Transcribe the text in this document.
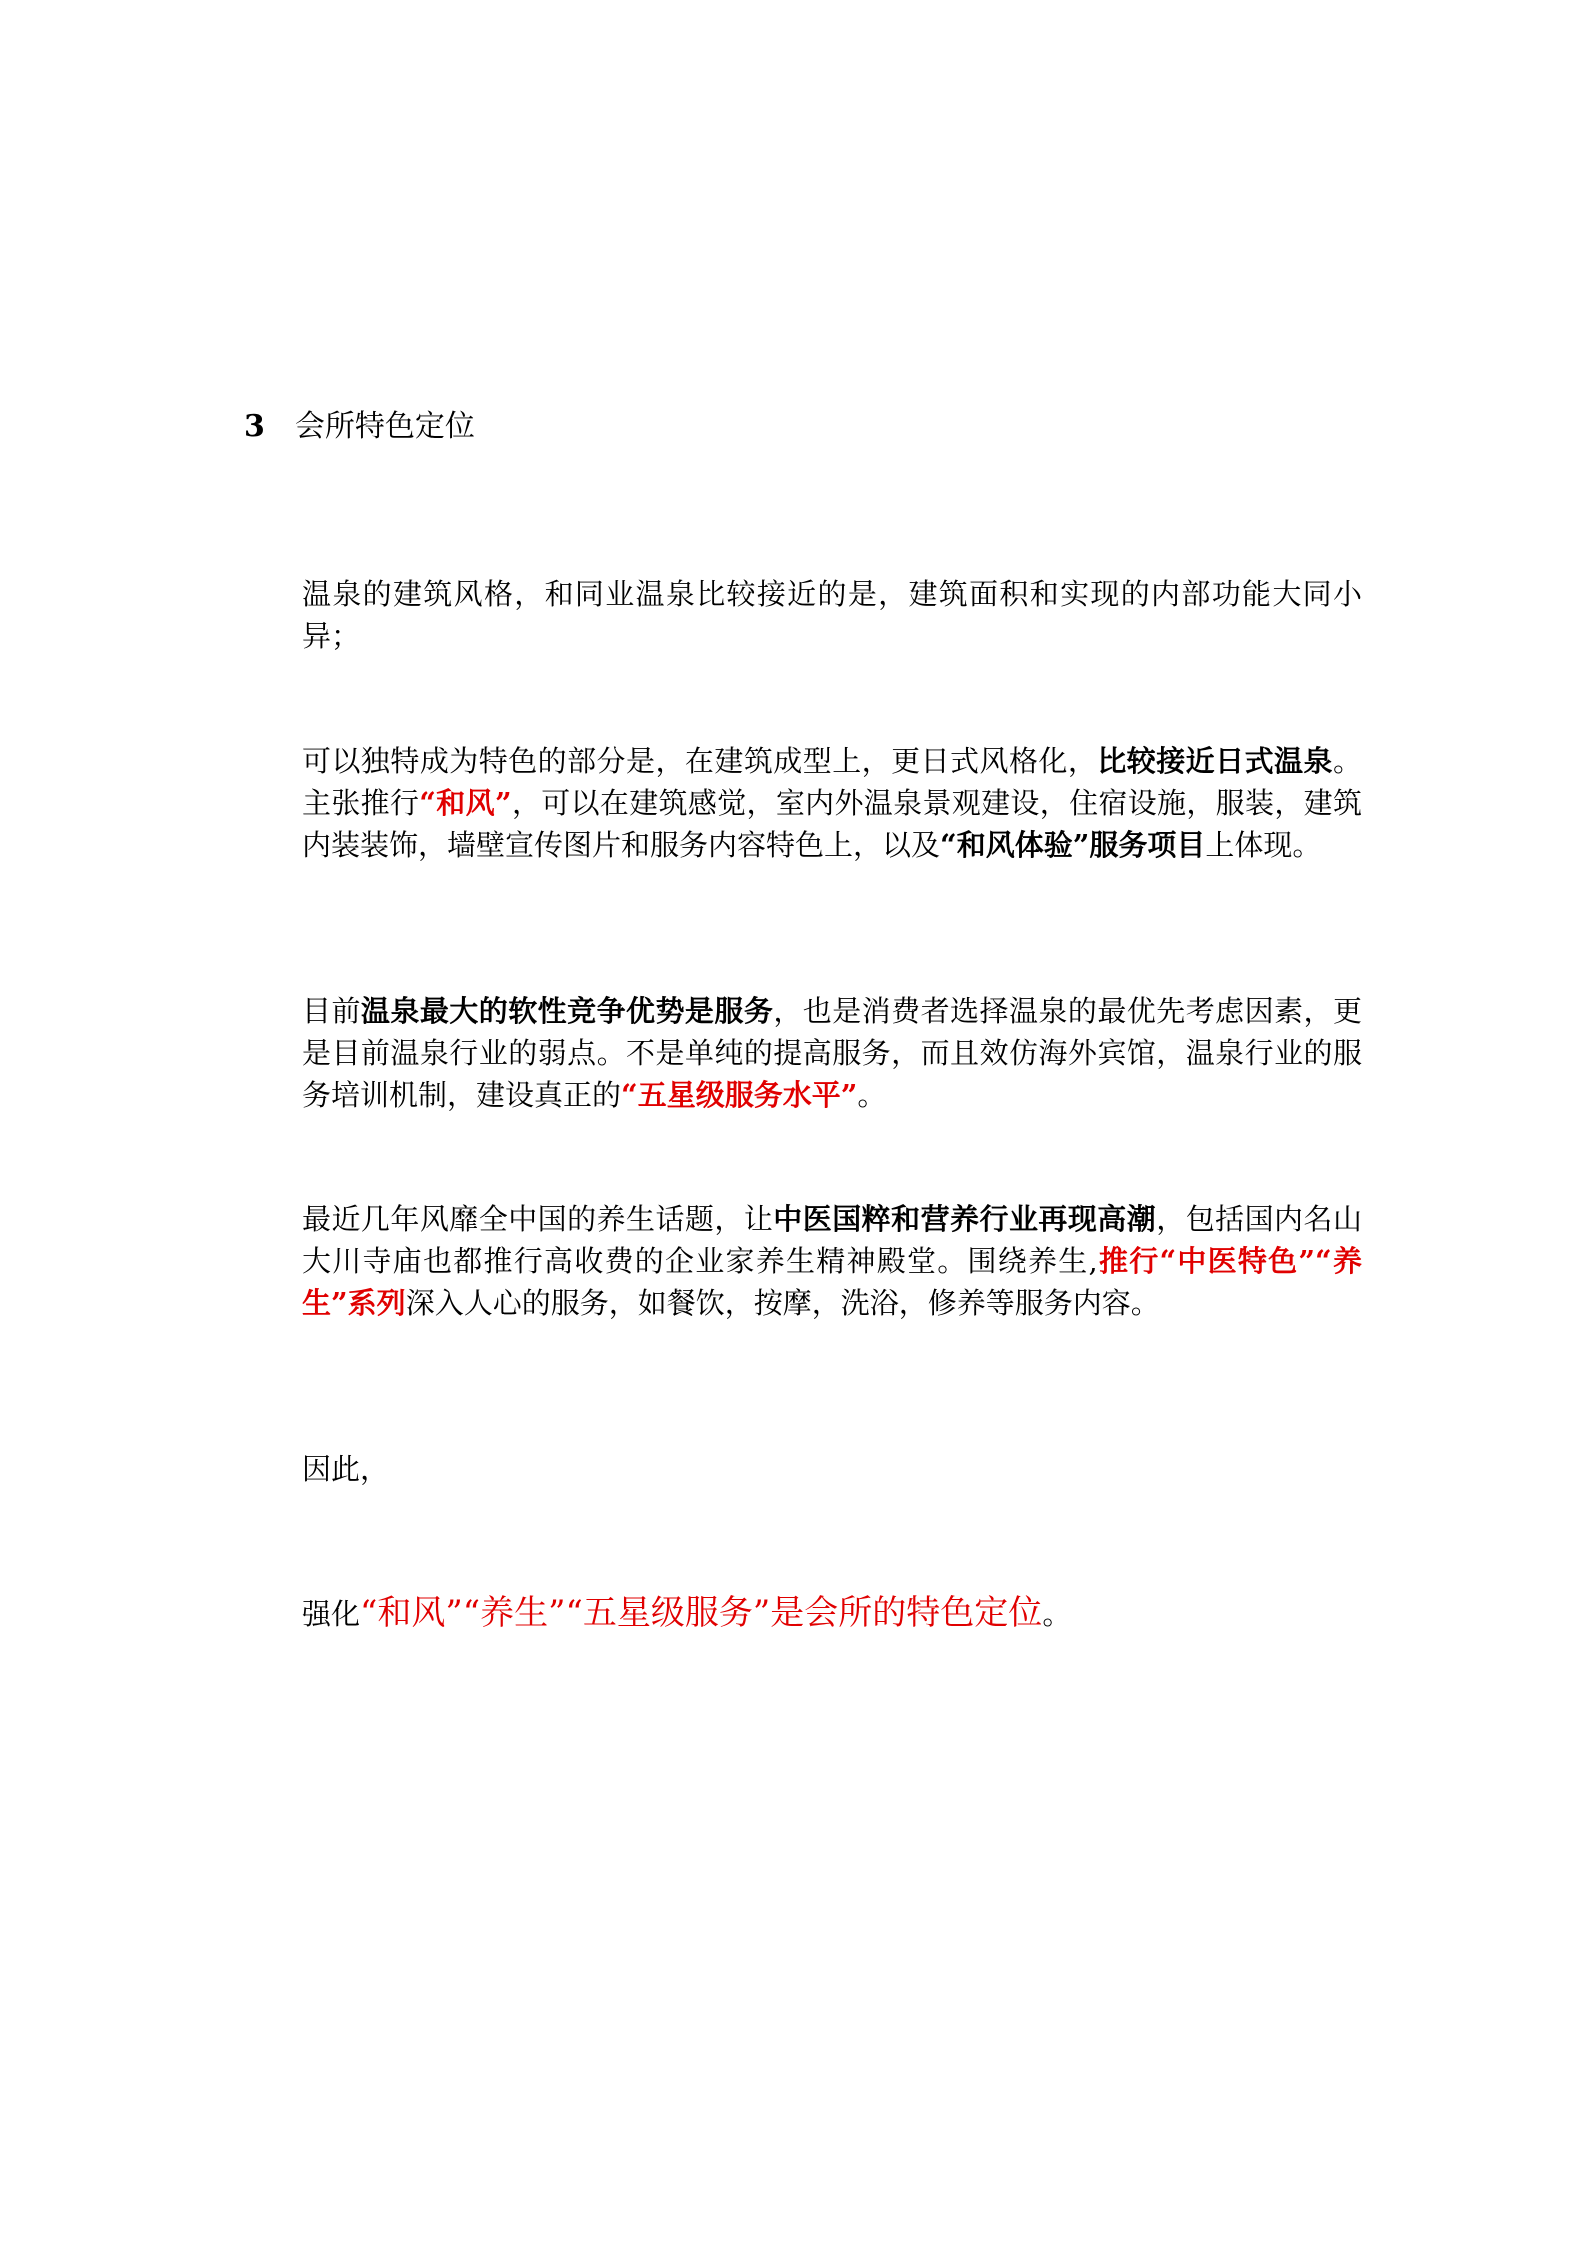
3 会所特色定位

温泉的建筑风格，和同业温泉比较接近的是，建筑面积和实现的内部功能大同小异；

可以独特成为特色的部分是，在建筑成型上，更日式风格化，比较接近日式温泉。主张推行“和风”，可以在建筑感觉，室内外温泉景观建设，住宿设施，服装，建筑内装装饰，墙壁宣传图片和服务内容特色上，以及“和风体验”服务项目上体现。

目前温泉最大的软性竞争优势是服务，也是消费者选择温泉的最优先考虑因素，更是目前温泉行业的弱点。不是单纯的提高服务，而且效仿海外宾馆，温泉行业的服务培训机制，建设真正的“五星级服务水平”。

最近几年风靡全中国的养生话题，让中医国粹和营养行业再现高潮，包括国内名山大川寺庙也都推行高收费的企业家养生精神殿堂。围绕养生,推行“中医特色”“养生”系列深入人心的服务，如餐饮，按摩，洗浴，修养等服务内容。

因此，

强化“和风”“养生”“五星级服务”是会所的特色定位。
